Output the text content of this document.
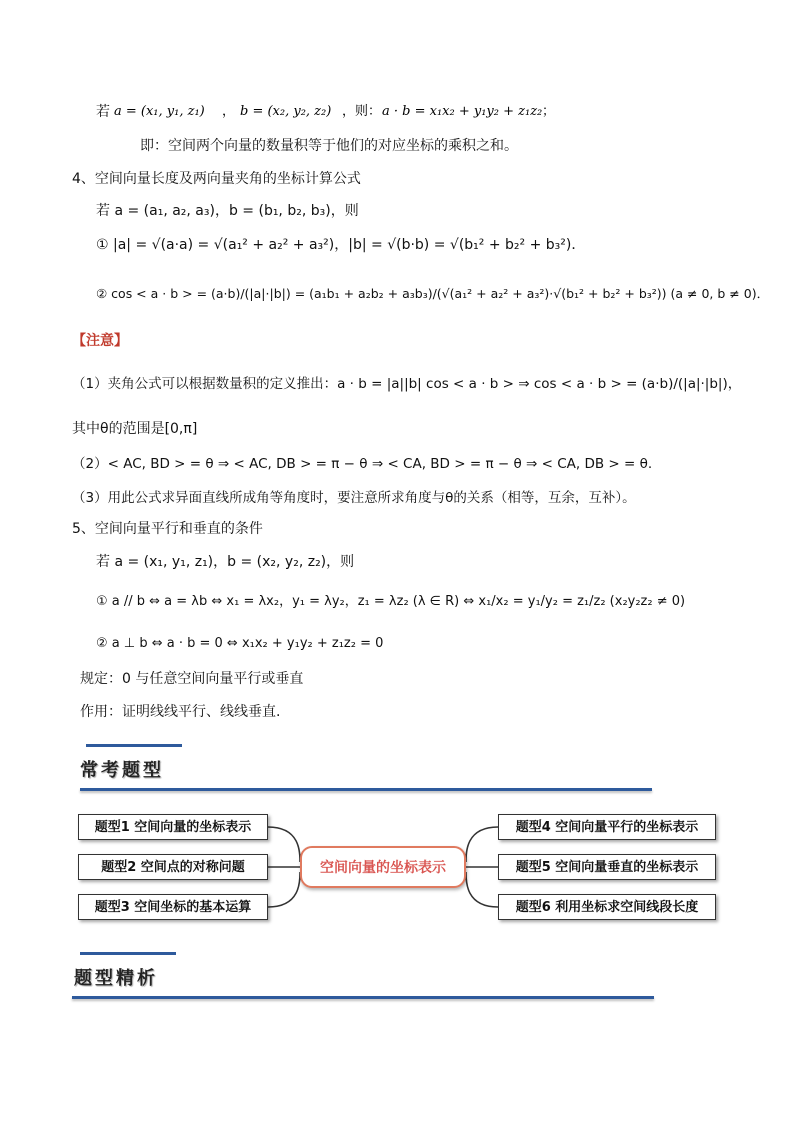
若 a = (x₁, y₁, z₁) ， b = (x₂, y₂, z₂) ，则： a · b = x₁x₂ + y₁y₂ + z₁z₂ ；
即：空间两个向量的数量积等于他们的对应坐标的乘积之和。
4、空间向量长度及两向量夹角的坐标计算公式
若 a = (a₁, a₂, a₃)，b = (b₁, b₂, b₃)，则
① |a| = √(a·a) = √(a₁² + a₂² + a₃²)，|b| = √(b·b) = √(b₁² + b₂² + b₃²)．
② cos < a · b > = (a·b)/(|a|·|b|) = (a₁b₁ + a₂b₂ + a₃b₃)/(√(a₁² + a₂² + a₃²)·√(b₁² + b₂² + b₃²)) (a ≠ 0, b ≠ 0)．
【注意】
（1）夹角公式可以根据数量积的定义推出：a · b = |a||b| cos < a · b > ⇒ cos < a · b > = (a·b)/(|a|·|b|)，
其中θ的范围是[0,π]
（2）< AC, BD > = θ ⇒ < AC, DB > = π − θ ⇒ < CA, BD > = π − θ ⇒ < CA, DB > = θ.
（3）用此公式求异面直线所成角等角度时，要注意所求角度与θ的关系（相等，互余，互补）。
5、空间向量平行和垂直的条件
若 a = (x₁, y₁, z₁)，b = (x₂, y₂, z₂)，则
① a // b ⇔ a = λb ⇔ x₁ = λx₂，y₁ = λy₂，z₁ = λz₂ (λ ∈ R) ⇔ x₁/x₂ = y₁/y₂ = z₁/z₂ (x₂y₂z₂ ≠ 0)
② a ⊥ b ⇔ a · b = 0 ⇔ x₁x₂ + y₁y₂ + z₁z₂ = 0
规定：0 与任意空间向量平行或垂直
作用：证明线线平行、线线垂直.
常考题型
题型1 空间向量的坐标表示
题型2 空间点的对称问题
题型3 空间坐标的基本运算
空间向量的坐标表示
题型4 空间向量平行的坐标表示
题型5 空间向量垂直的坐标表示
题型6 利用坐标求空间线段长度
题型精析
